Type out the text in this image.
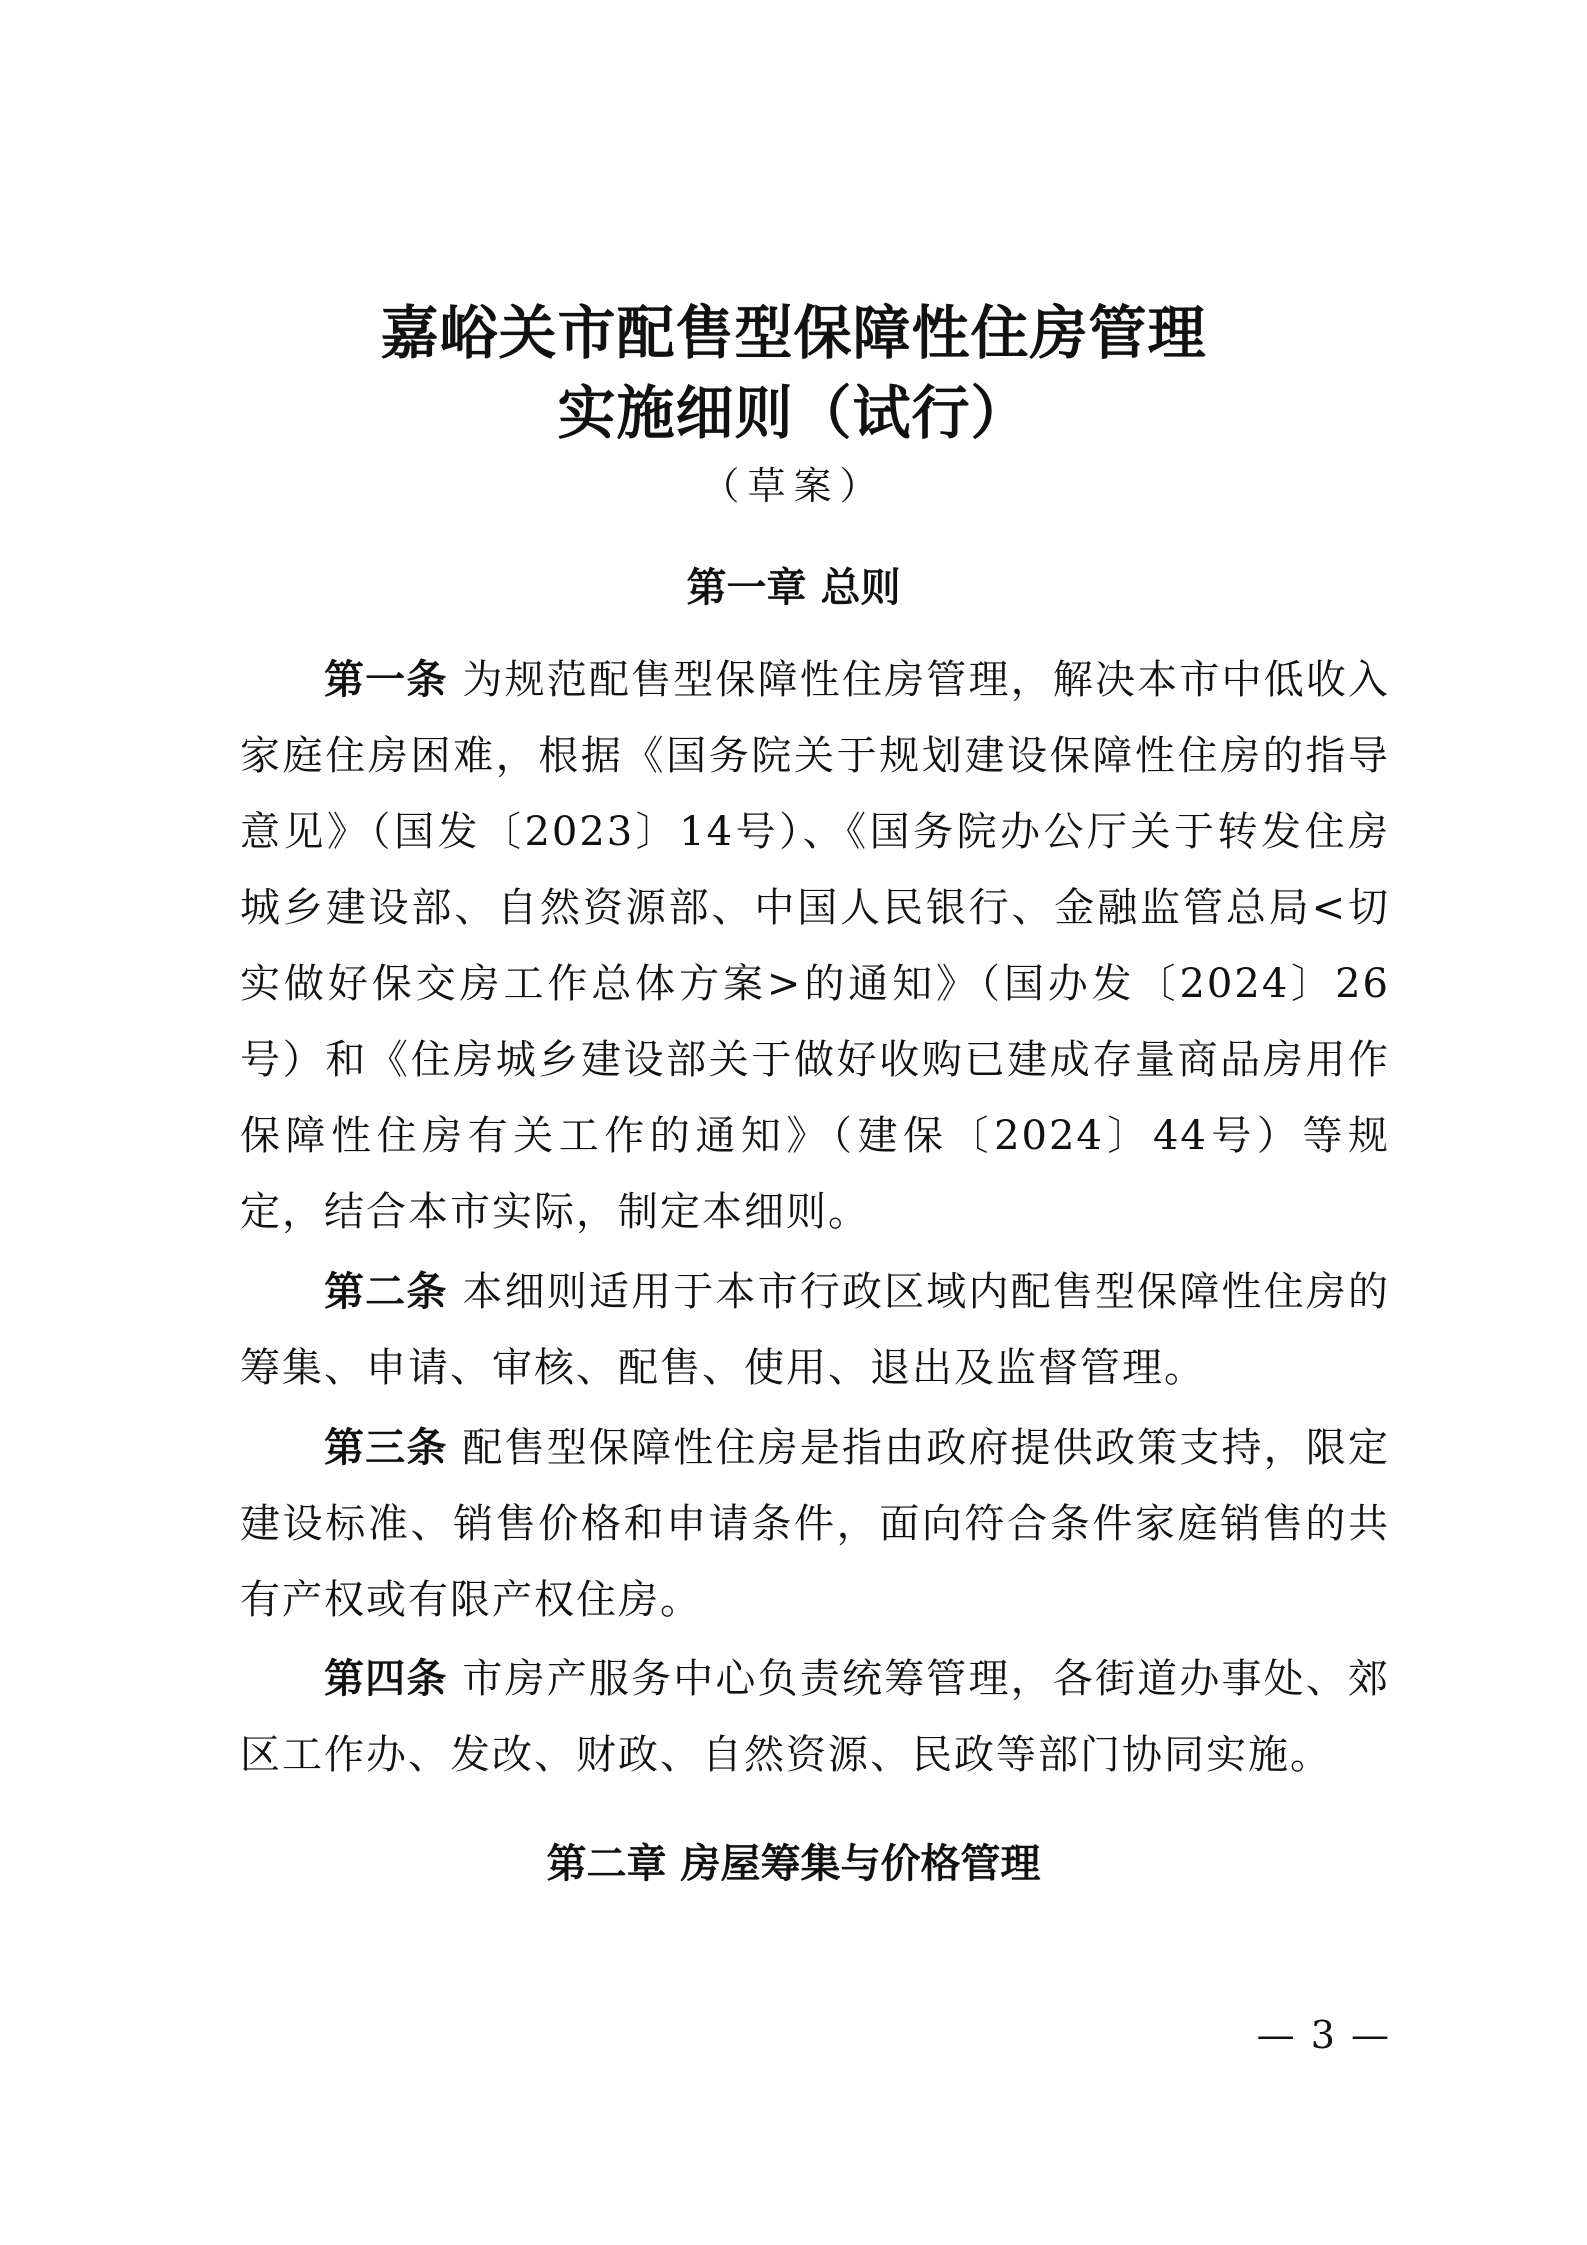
嘉峪关市配售型保障性住房管理
实施细则（试行）
（草案）
第一章 总则

第一条 为规范配售型保障性住房管理，解决本市中低收入家庭住房困难，根据《国务院关于规划建设保障性住房的指导意见》（国发〔2023〕14号）、《国务院办公厅关于转发住房城乡建设部、自然资源部、中国人民银行、金融监管总局<切实做好保交房工作总体方案>的通知》（国办发〔2024〕26号）和《住房城乡建设部关于做好收购已建成存量商品房用作保障性住房有关工作的通知》（建保〔2024〕44号）等规定，结合本市实际，制定本细则。

第二条 本细则适用于本市行政区域内配售型保障性住房的筹集、申请、审核、配售、使用、退出及监督管理。

第三条 配售型保障性住房是指由政府提供政策支持，限定建设标准、销售价格和申请条件，面向符合条件家庭销售的共有产权或有限产权住房。

第四条 市房产服务中心负责统筹管理，各街道办事处、郊区工作办、发改、财政、自然资源、民政等部门协同实施。

第二章 房屋筹集与价格管理
— 3 —
